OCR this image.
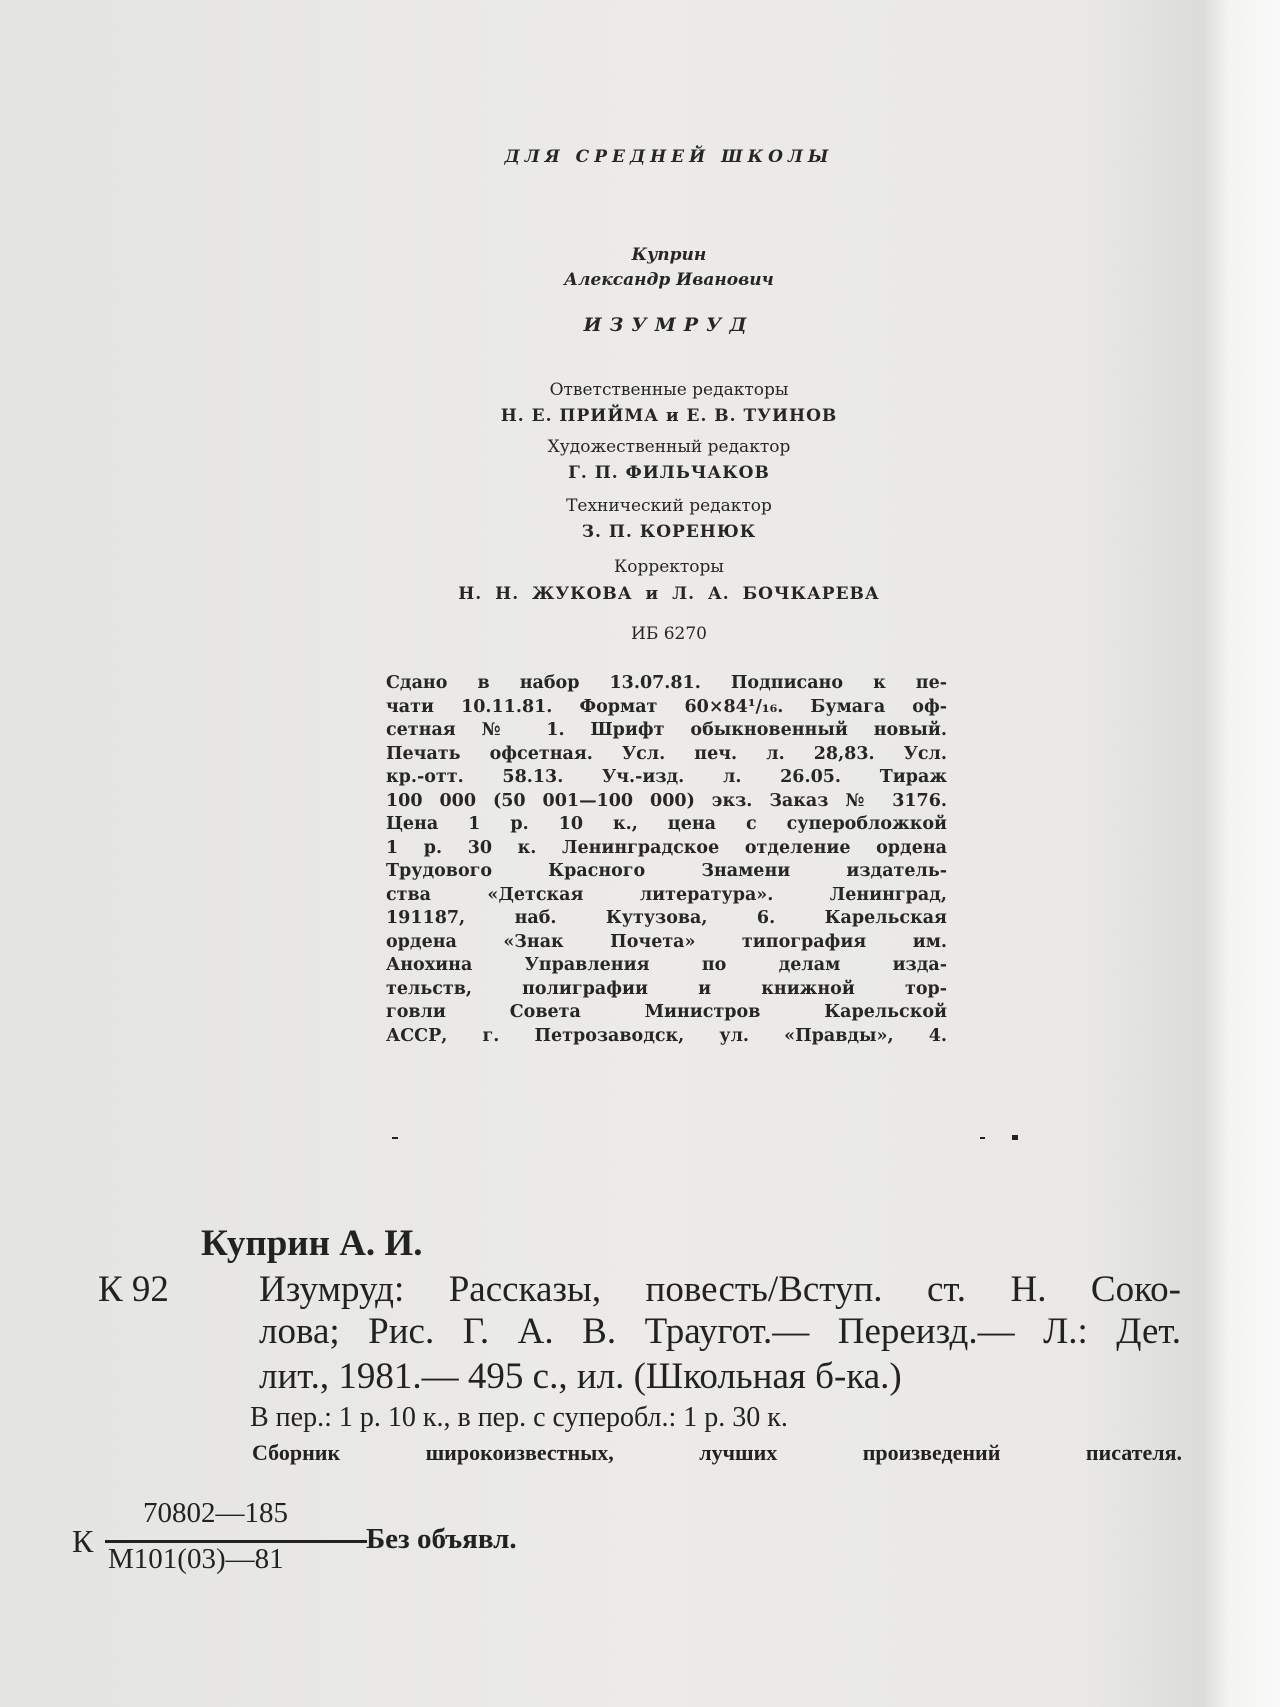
ДЛЯ СРЕДНЕЙ ШКОЛЫ
Куприн
Александр Иванович
ИЗУМРУД
Ответственные редакторы
Н. Е. ПРИЙМА и Е. В. ТУИНОВ
Художественный редактор
Г. П. ФИЛЬЧАКОВ
Технический редактор
З. П. КОРЕНЮК
Корректоры
Н. Н. ЖУКОВА и Л. А. БОЧКАРЕВА
ИБ 6270
Сдано в набор 13.07.81. Подписано к пе-
чати 10.11.81. Формат 60×84¹/₁₆. Бумага оф-
сетная № 1. Шрифт обыкновенный новый.
Печать офсетная. Усл. печ. л. 28,83. Усл.
кр.-отт. 58.13. Уч.-изд. л. 26.05. Тираж
100 000 (50 001—100 000) экз. Заказ № 3176.
Цена 1 р. 10 к., цена с суперобложкой
1 р. 30 к. Ленинградское отделение ордена
Трудового Красного Знамени издатель-
ства «Детская литература». Ленинград,
191187, наб. Кутузова, 6. Карельская
ордена «Знак Почета» типография им.
Анохина Управления по делам изда-
тельств, полиграфии и книжной тор-
говли Совета Министров Карельской
АССР, г. Петрозаводск, ул. «Правды», 4.
Куприн А. И.
К 92 Изумруд: Рассказы, повесть/Вступ. ст. Н. Соко-
лова; Рис. Г. А. В. Траугот.— Переизд.— Л.: Дет.
лит., 1981.— 495 с., ил. (Школьная б-ка.)
В пер.: 1 р. 10 к., в пер. с суперобл.: 1 р. 30 к.
Сборник широкоизвестных, лучших произведений писателя.
К
70802—185
М101(03)—81
Без объявл.
